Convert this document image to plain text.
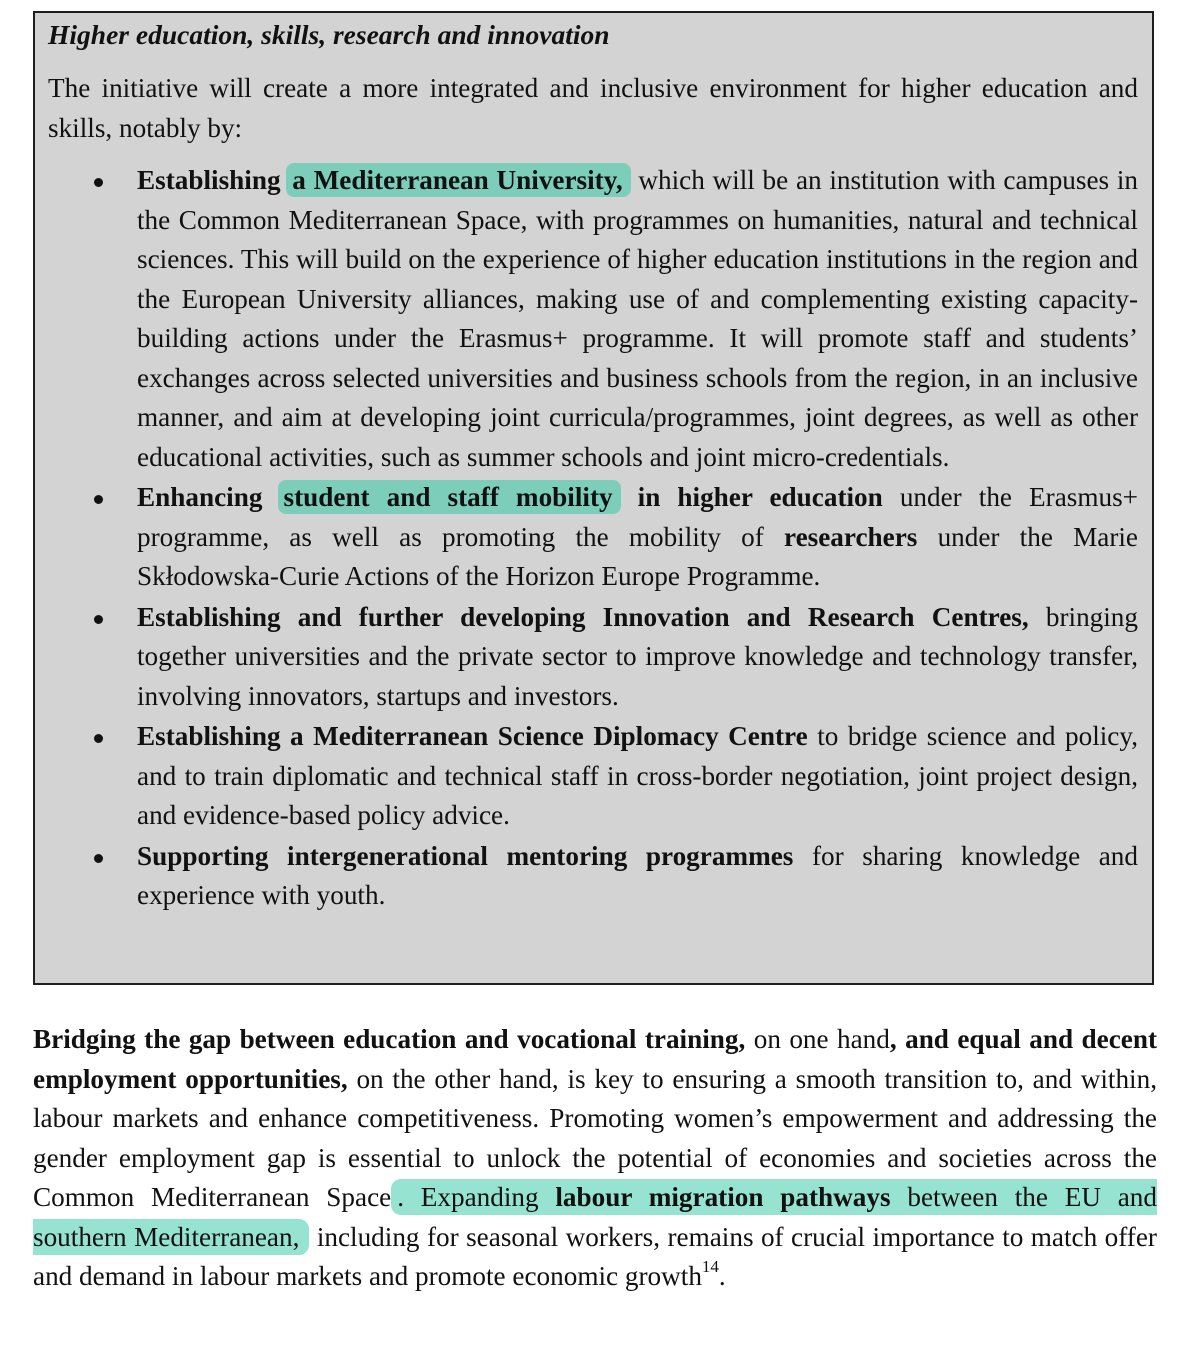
Higher education, skills, research and innovation

The initiative will create a more integrated and inclusive environment for higher education and skills, notably by:

Establishing a Mediterranean University, which will be an institution with campuses in the Common Mediterranean Space, with programmes on humanities, natural and technical sciences. This will build on the experience of higher education institutions in the region and the European University alliances, making use of and complementing existing capacity-building actions under the Erasmus+ programme. It will promote staff and students’ exchanges across selected universities and business schools from the region, in an inclusive manner, and aim at developing joint curricula/programmes, joint degrees, as well as other educational activities, such as summer schools and joint micro-credentials.
Enhancing student and staff mobility in higher education under the Erasmus+ programme, as well as promoting the mobility of researchers under the Marie Skłodowska-Curie Actions of the Horizon Europe Programme.
Establishing and further developing Innovation and Research Centres, bringing together universities and the private sector to improve knowledge and technology transfer, involving innovators, startups and investors.
Establishing a Mediterranean Science Diplomacy Centre to bridge science and policy, and to train diplomatic and technical staff in cross-border negotiation, joint project design, and evidence-based policy advice.
Supporting intergenerational mentoring programmes for sharing knowledge and experience with youth.

Bridging the gap between education and vocational training, on one hand, and equal and decent employment opportunities, on the other hand, is key to ensuring a smooth transition to, and within, labour markets and enhance competitiveness. Promoting women’s empowerment and addressing the gender employment gap is essential to unlock the potential of economies and societies across the Common Mediterranean Space . Expanding labour migration pathways between the EU and southern Mediterranean, including for seasonal workers, remains of crucial importance to match offer and demand in labour markets and promote economic growth$^{14}$.
